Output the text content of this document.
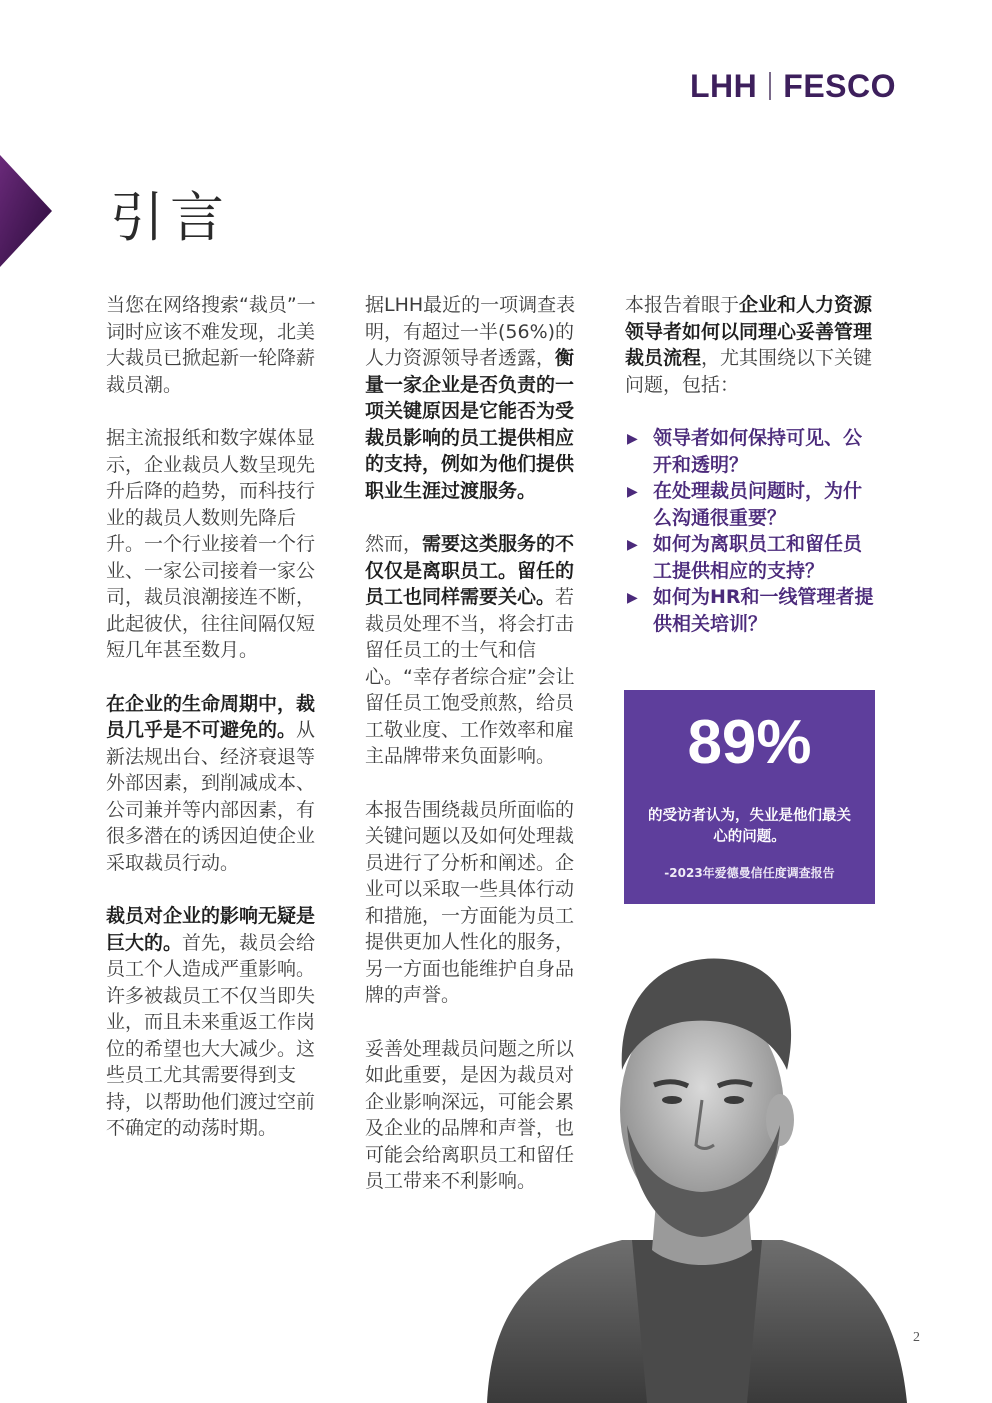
LHH FESCO
引言

当您在网络搜索“裁员”一词时应该不难发现，北美大裁员已掀起新一轮降薪裁员潮。

据主流报纸和数字媒体显示，企业裁员人数呈现先升后降的趋势，而科技行业的裁员人数则先降后升。一个行业接着一个行业、一家公司接着一家公司，裁员浪潮接连不断，此起彼伏，往往间隔仅短短几年甚至数月。

在企业的生命周期中，裁员几乎是不可避免的。从新法规出台、经济衰退等外部因素，到削减成本、公司兼并等内部因素，有很多潜在的诱因迫使企业采取裁员行动。

裁员对企业的影响无疑是巨大的。首先，裁员会给员工个人造成严重影响。许多被裁员工不仅当即失业，而且未来重返工作岗位的希望也大大减少。这些员工尤其需要得到支持，以帮助他们渡过空前不确定的动荡时期。

据LHH最近的一项调查表明，有超过一半(56%)的人力资源领导者透露，衡量一家企业是否负责的一项关键原因是它能否为受裁员影响的员工提供相应的支持，例如为他们提供职业生涯过渡服务。

然而，需要这类服务的不仅仅是离职员工。留任的员工也同样需要关心。若裁员处理不当，将会打击留任员工的士气和信心。“幸存者综合症”会让留任员工饱受煎熬，给员工敬业度、工作效率和雇主品牌带来负面影响。

本报告围绕裁员所面临的关键问题以及如何处理裁员进行了分析和阐述。企业可以采取一些具体行动和措施，一方面能为员工提供更加人性化的服务，另一方面也能维护自身品牌的声誉。

妥善处理裁员问题之所以如此重要，是因为裁员对企业影响深远，可能会累及企业的品牌和声誉，也可能会给离职员工和留任员工带来不利影响。

本报告着眼于企业和人力资源领导者如何以同理心妥善管理裁员流程，尤其围绕以下关键问题，包括：

▶ 领导者如何保持可见、公开和透明？
▶ 在处理裁员问题时，为什么沟通很重要？
▶ 如何为离职员工和留任员工提供相应的支持？
▶ 如何为HR和一线管理者提供相关培训？
89%
的受访者认为，失业是他们最关心的问题。
-2023年爱德曼信任度调查报告
2
